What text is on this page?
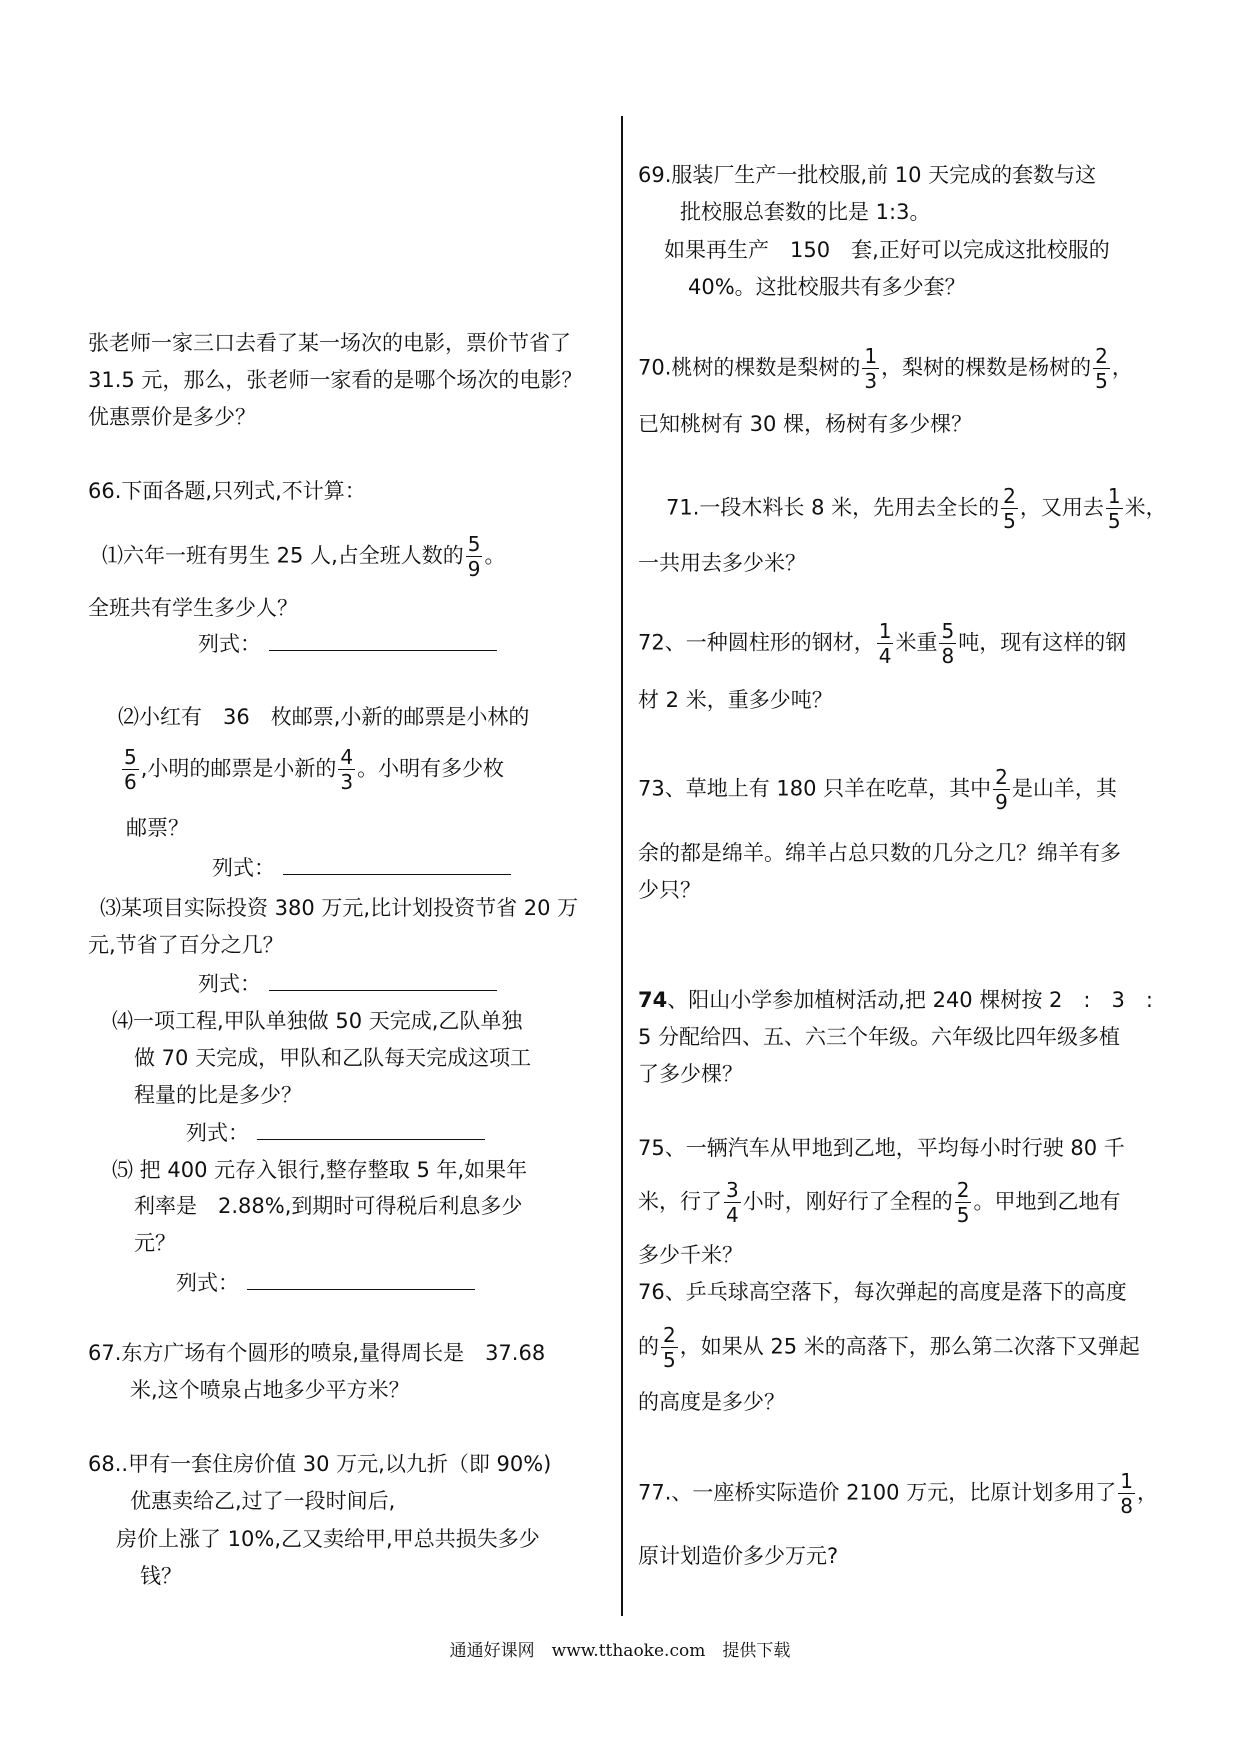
张老师一家三口去看了某一场次的电影，票价节省了
31.5 元，那么，张老师一家看的是哪个场次的电影？
优惠票价是多少？
66.下面各题,只列式,不计算：
⑴六年一班有男生 25 人,占全班人数的 $\frac{5}{9}$ 。
全班共有学生多少人？
列式：
⑵小红有　36　枚邮票,小新的邮票是小林的
$\frac{5}{6}$ ,小明的邮票是小新的 $\frac{4}{3}$ 。小明有多少枚
邮票？
列式：
⑶某项目实际投资 380 万元,比计划投资节省 20 万
元,节省了百分之几？
列式：
⑷一项工程,甲队单独做 50 天完成,乙队单独
做 70 天完成，甲队和乙队每天完成这项工
程量的比是多少？
列式：
⑸ 把 400 元存入银行,整存整取 5 年,如果年
利率是　2.88%,到期时可得税后利息多少
元？
列式：
67.东方广场有个圆形的喷泉,量得周长是　37.68
米,这个喷泉占地多少平方米？
68..甲有一套住房价值 30 万元,以九折（即 90%)
优惠卖给乙,过了一段时间后,
房价上涨了 10%,乙又卖给甲,甲总共损失多少
钱？
69.服装厂生产一批校服,前 10 天完成的套数与这
批校服总套数的比是 1:3。
如果再生产　150　套,正好可以完成这批校服的
40%。这批校服共有多少套？
70.桃树的棵数是梨树的 $\frac{1}{3}$ ，梨树的棵数是杨树的 $\frac{2}{5}$ ，
已知桃树有 30 棵，杨树有多少棵？
71.一段木料长 8 米，先用去全长的 $\frac{2}{5}$ ，又用去 $\frac{1}{5}$ 米，
一共用去多少米？
72、一种圆柱形的钢材， $\frac{1}{4}$ 米重 $\frac{5}{8}$ 吨，现有这样的钢
材 2 米，重多少吨？
73、草地上有 180 只羊在吃草，其中 $\frac{2}{9}$ 是山羊，其
余的都是绵羊。绵羊占总只数的几分之几？绵羊有多
少只？
74、阳山小学参加植树活动,把 240 棵树按 2　:　3　:
5 分配给四、五、六三个年级。六年级比四年级多植
了多少棵？
75、一辆汽车从甲地到乙地，平均每小时行驶 80 千
米，行了 $\frac{3}{4}$ 小时，刚好行了全程的 $\frac{2}{5}$ 。甲地到乙地有
多少千米？
76、乒乓球高空落下，每次弹起的高度是落下的高度
的 $\frac{2}{5}$ ，如果从 25 米的高落下，那么第二次落下又弹起
的高度是多少？
77.、一座桥实际造价 2100 万元，比原计划多用了 $\frac{1}{8}$ ，
原计划造价多少万元?
通通好课网　www.tthaoke.com　提供下载
